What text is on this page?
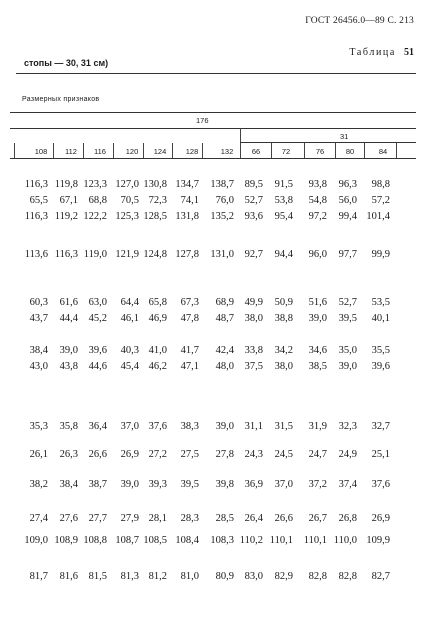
ГОСТ 26456.0—89 С. 213
Таблица 51
стопы — 30, 31 см)
Размерных признаков
176
31
108	112	116	120	124	128	132	66	72	76	80	84
116,3 119,8 123,3 127,0 130,8 134,7	138,7	89,5	91,5	93,8	96,3	98,8
65,5	67,1	68,8	70,5 72,3	74,1	76,0	52,7	53,8	54,8	56,0	57,2
116,3 119,2 122,2 125,3 128,5 131,8	135,2	93,6	95,4	97,2	99,4 101,4
113,6 116,3 119,0 121,9 124,8 127,8	131,0	92,7	94,4	96,0	97,7	99,9
60,3	61,6	63,0	64,4 65,8	67,3	68,9	49,9	50,9	51,6	52,7	53,5
43,7	44,4	45,2	46,1 46,9	47,8	48,7	38,0	38,8	39,0	39,5	40,1
38,4	39,0	39,6	40,3 41,0	41,7	42,4	33,8	34,2	34,6	35,0	35,5
43,0	43,8	44,6	45,4 46,2	47,1	48,0	37,5	38,0	38,5	39,0	39,6
35,3	35,8	36,4	37,0 37,6	38,3	39,0	31,1	31,5	31,9	32,3	32,7
26,1	26,3	26,6	26,9 27,2	27,5	27,8	24,3	24,5	24,7	24,9	25,1
38,2	38,4	38,7	39,0 39,3	39,5	39,8	36,9	37,0	37,2	37,4	37,6
27,4	27,6	27,7	27,9 28,1	28,3	28,5	26,4	26,6	26,7	26,8	26,9
109,0 108,9 108,8 108,7 108,5 108,4	108,3 110,2 110,1	110,1 110,0 109,9
81,7	81,6	81,5	81,3 81,2	81,0	80,9	83,0	82,9	82,8	82,8	82,7
